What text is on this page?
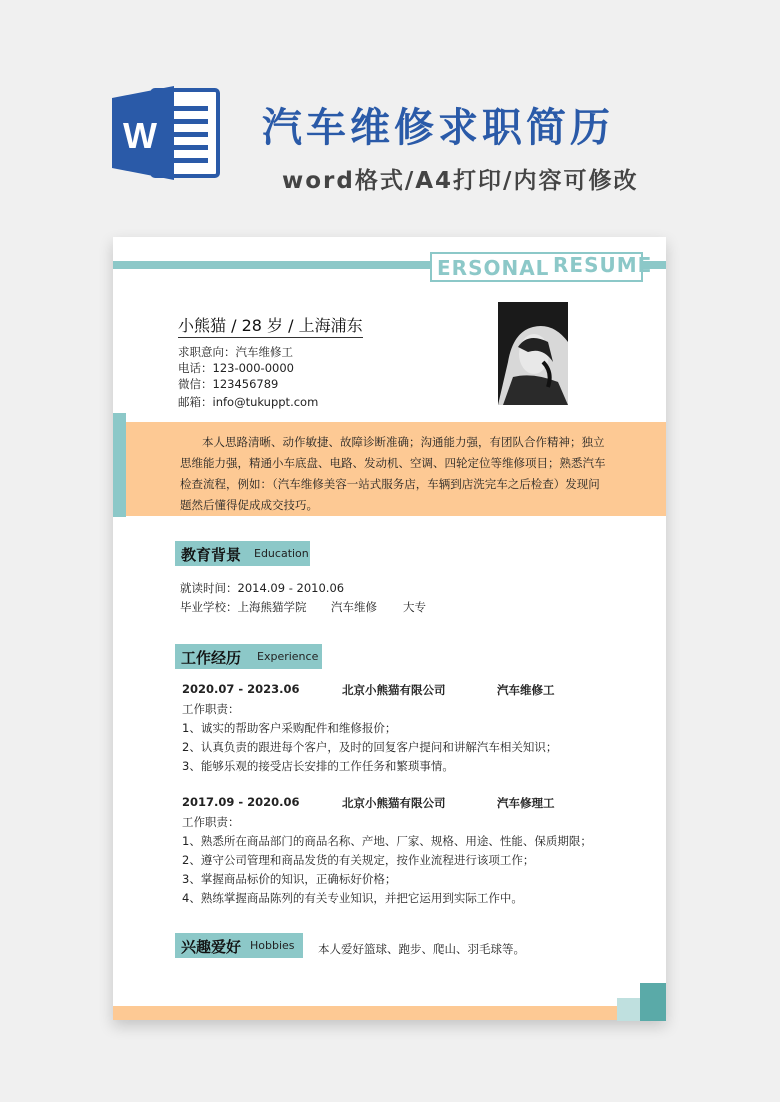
W	汽车维修求职简历
word格式/A4打印/内容可修改
ERSONAL RESUME
小熊猫 / 28 岁 / 上海浦东
求职意向：汽车维修工
电话：123-000-0000
微信：123456789
邮箱：info@tukuppt.com
本人思路清晰、动作敏捷、故障诊断准确；沟通能力强，有团队合作精神；独立思维能力强，精通小车底盘、电路、发动机、空调、四轮定位等维修项目；熟悉汽车检查流程，例如：（汽车维修美容一站式服务店，车辆到店洗完车之后检查）发现问题然后懂得促成成交技巧。
教育背景 Education
就读时间：2014.09 - 2010.06
毕业学校：上海熊猫学院 汽车维修 大专
工作经历 Experience
2020.07 - 2023.06	北京小熊猫有限公司	汽车维修工
工作职责：
1、诚实的帮助客户采购配件和维修报价；
2、认真负责的跟进每个客户，及时的回复客户提问和讲解汽车相关知识；
3、能够乐观的接受店长安排的工作任务和繁琐事情。
2017.09 - 2020.06	北京小熊猫有限公司	汽车修理工
工作职责：
1、熟悉所在商品部门的商品名称、产地、厂家、规格、用途、性能、保质期限；
2、遵守公司管理和商品发货的有关规定，按作业流程进行该项工作；
3、掌握商品标价的知识，正确标好价格；
4、熟练掌握商品陈列的有关专业知识，并把它运用到实际工作中。
兴趣爱好 Hobbies 本人爱好篮球、跑步、爬山、羽毛球等。
